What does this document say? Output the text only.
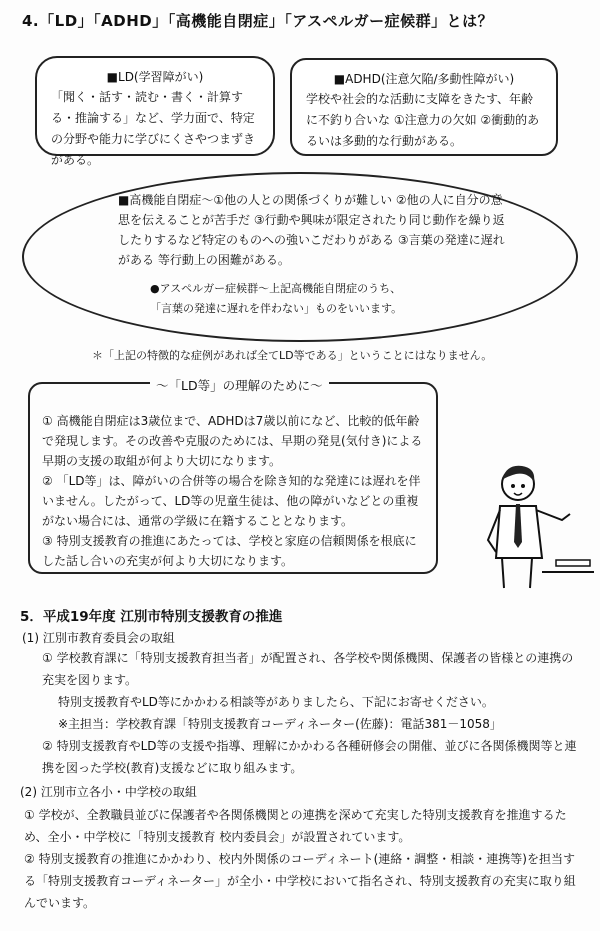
4.「LD」「ADHD」「高機能自閉症」「アスペルガー症候群」とは？
■LD(学習障がい)
「聞く・話す・読む・書く・計算する・推論する」など、学力面で、特定の分野や能力に学びにくさやつまずきがある。
■ADHD(注意欠陥/多動性障がい)
学校や社会的な活動に支障をきたす、年齢に不釣り合いな ①注意力の欠如 ②衝動的あるいは多動的な行動がある。
■高機能自閉症～①他の人との関係づくりが難しい ②他の人に自分の意思を伝えることが苦手だ ③行動や興味が限定されたり同じ動作を繰り返したりするなど特定のものへの強いこだわりがある ③言葉の発達に遅れがある 等行動上の困難がある。
●アスペルガー症候群～上記高機能自閉症のうち、
「言葉の発達に遅れを伴わない」ものをいいます。
＊「上記の特徴的な症例があれば全てLD等である」ということにはなりません。
～「LD等」の理解のために～

① 高機能自閉症は3歳位まで、ADHDは7歳以前になど、比較的低年齢で発現します。その改善や克服のためには、早期の発見(気付き)による早期の支援の取組が何より大切になります。

② 「LD等」は、障がいの合併等の場合を除き知的な発達には遅れを伴いません。したがって、LD等の児童生徒は、他の障がいなどとの重複がない場合には、通常の学級に在籍することとなります。

③ 特別支援教育の推進にあたっては、学校と家庭の信頼関係を根底にした話し合いの充実が何より大切になります。

5．平成19年度 江別市特別支援教育の推進
(1) 江別市教育委員会の取組

① 学校教育課に「特別支援教育担当者」が配置され、各学校や関係機関、保護者の皆様との連携の充実を図ります。

特別支援教育やLD等にかかわる相談等がありましたら、下記にお寄せください。

※主担当：学校教育課「特別支援教育コーディネーター(佐藤)：電話381－1058」

② 特別支援教育やLD等の支援や指導、理解にかかわる各種研修会の開催、並びに各関係機関等と連携を図った学校(教育)支援などに取り組みます。

(2) 江別市立各小・中学校の取組

① 学校が、全教職員並びに保護者や各関係機関との連携を深めて充実した特別支援教育を推進するため、全小・中学校に「特別支援教育 校内委員会」が設置されています。

② 特別支援教育の推進にかかわり、校内外関係のコーディネート(連絡・調整・相談・連携等)を担当する「特別支援教育コーディネーター」が全小・中学校において指名され、特別支援教育の充実に取り組んでいます。
